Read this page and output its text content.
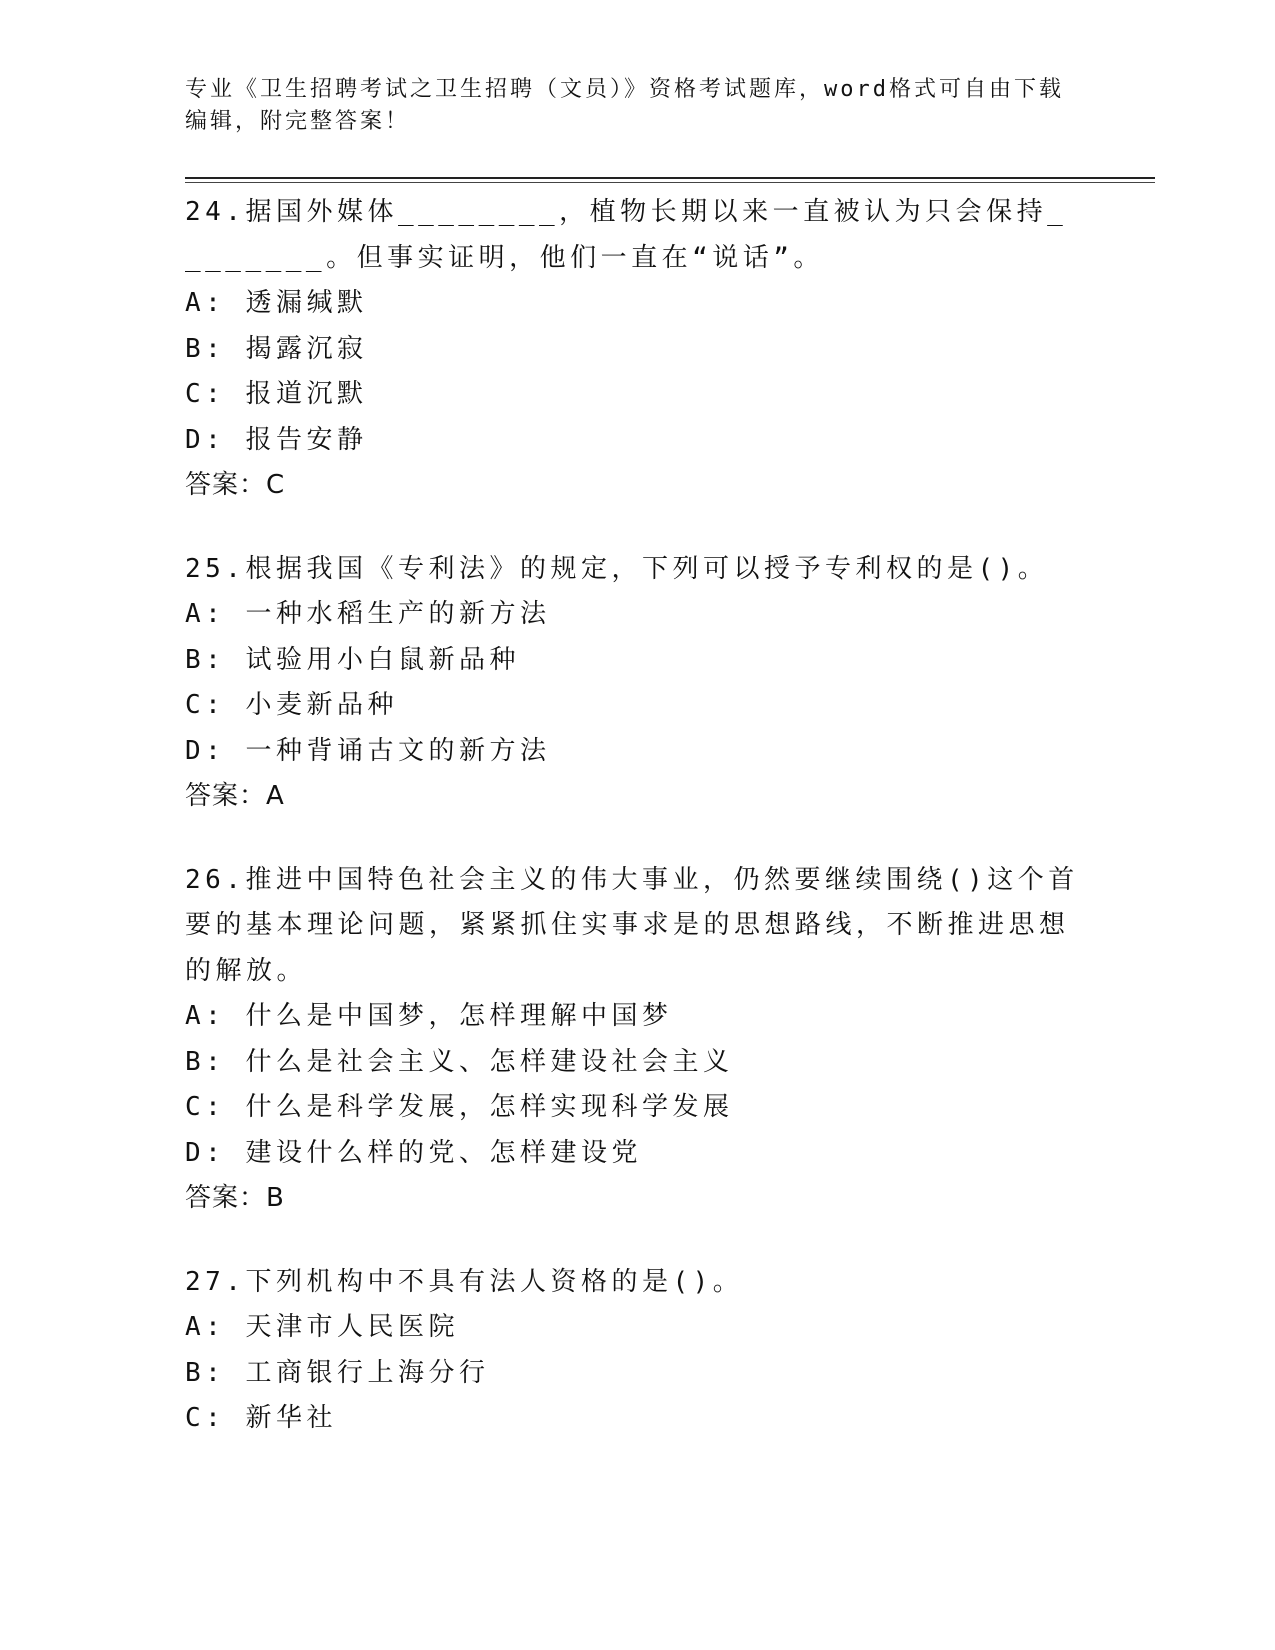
专业《卫生招聘考试之卫生招聘（文员）》资格考试题库，word格式可自由下载编辑，附完整答案！
24.据国外媒体________，植物长期以来一直被认为只会保持________。但事实证明，他们一直在“说话”。
A: 透漏缄默
B: 揭露沉寂
C: 报道沉默
D: 报告安静
答案：C
25.根据我国《专利法》的规定，下列可以授予专利权的是()。
A: 一种水稻生产的新方法
B: 试验用小白鼠新品种
C: 小麦新品种
D: 一种背诵古文的新方法
答案：A
26.推进中国特色社会主义的伟大事业，仍然要继续围绕()这个首要的基本理论问题，紧紧抓住实事求是的思想路线，不断推进思想的解放。
A: 什么是中国梦，怎样理解中国梦
B: 什么是社会主义、怎样建设社会主义
C: 什么是科学发展，怎样实现科学发展
D: 建设什么样的党、怎样建设党
答案：B
27.下列机构中不具有法人资格的是()。
A: 天津市人民医院
B: 工商银行上海分行
C: 新华社
